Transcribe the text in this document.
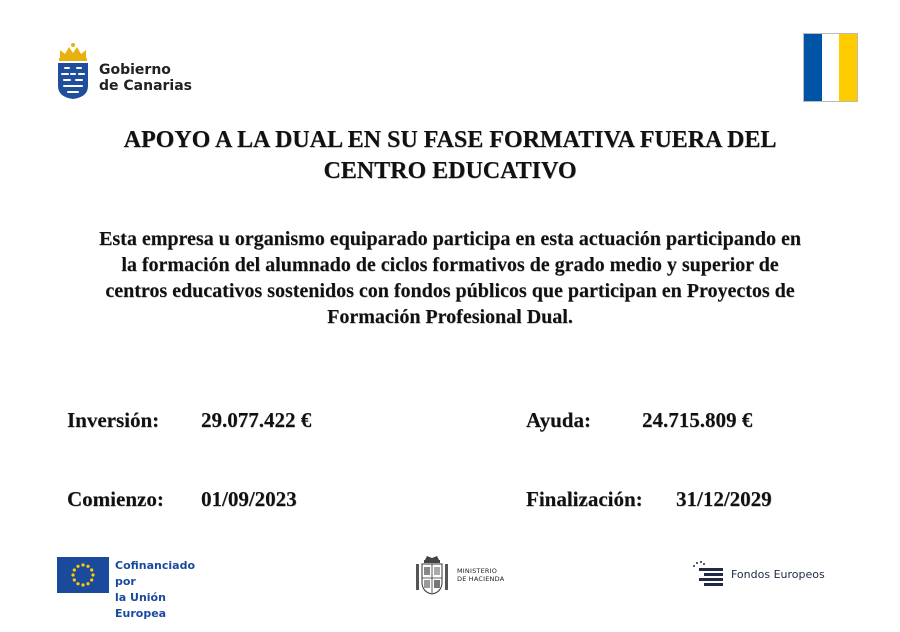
Gobierno
de Canarias
APOYO A LA DUAL EN SU FASE FORMATIVA FUERA DEL
CENTRO EDUCATIVO
Esta empresa u organismo equiparado participa en esta actuación participando en
la formación del alumnado de ciclos formativos de grado medio y superior de
centros educativos sostenidos con fondos públicos que participan en Proyectos de
Formación Profesional Dual.
Inversión: 29.077.422 €	Ayuda: 24.715.809 €
Comienzo: 01/09/2023	Finalización: 31/12/2029
Cofinanciado por
la Unión Europea
MINISTERIO
DE HACIENDA	Fondos Europeos
